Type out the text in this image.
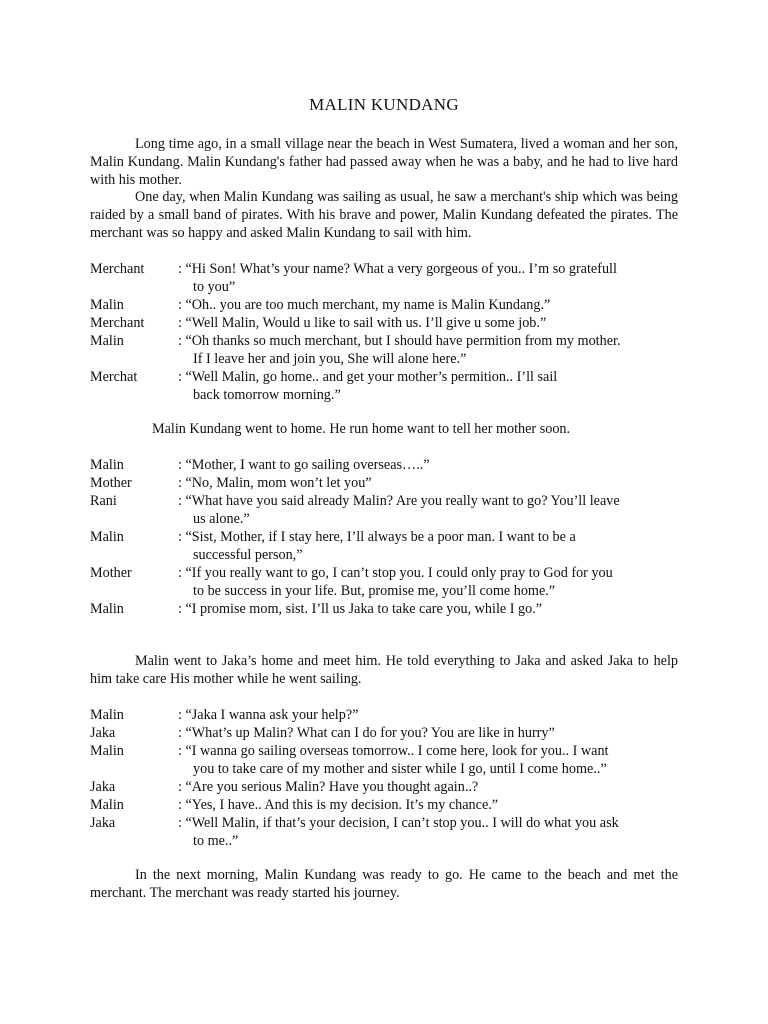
MALIN KUNDANG
Long time ago, in a small village near the beach in West Sumatera, lived a woman and her son, Malin Kundang. Malin Kundang's father had passed away when he was a baby, and he had to live hard with his mother.
One day, when Malin Kundang was sailing as usual, he saw a merchant's ship which was being raided by a small band of pirates. With his brave and power, Malin Kundang defeated the pirates. The merchant was so happy and asked Malin Kundang to sail with him.
Merchant	: “Hi Son! What’s your name? What a very gorgeous of you.. I’m so gratefull
to you”
Malin	: “Oh.. you are too much merchant, my name is Malin Kundang.”
Merchant	: “Well Malin, Would u like to sail with us. I’ll give u some job.”
Malin	: “Oh thanks so much merchant, but I should have permition from my mother.
If I leave her and join you, She will alone here.”
Merchat	: “Well Malin, go home.. and get your mother’s permition.. I’ll sail
back tomorrow morning.”
Malin Kundang went to home. He run home want to tell her mother soon.
Malin	: “Mother, I want to go sailing overseas…..”
Mother	: “No, Malin, mom won’t let you”
Rani	: “What have you said already Malin? Are you really want to go? You’ll leave
us alone.”
Malin	: “Sist, Mother, if I stay here, I’ll always be a poor man. I want to be a
successful person,”
Mother	: “If you really want to go, I can’t stop you. I could only pray to God for you
to be success in your life. But, promise me, you’ll come home.”
Malin	: “I promise mom, sist. I’ll us Jaka to take care you, while I go.”
Malin went to Jaka’s home and meet him. He told everything to Jaka and asked Jaka to help him take care His mother while he went sailing.
Malin	: “Jaka I wanna ask your help?”
Jaka	: “What’s up Malin? What can I do for you? You are like in hurry”
Malin	: “I wanna go sailing overseas tomorrow.. I come here, look for you.. I want
you to take care of my mother and sister while I go, until I come home..”
Jaka	: “Are you serious Malin? Have you thought again..?
Malin	: “Yes, I have.. And this is my decision. It’s my chance.”
Jaka	: “Well Malin, if that’s your decision, I can’t stop you.. I will do what you ask
to me..”
In the next morning, Malin Kundang was ready to go. He came to the beach and met the merchant. The merchant was ready started his journey.
